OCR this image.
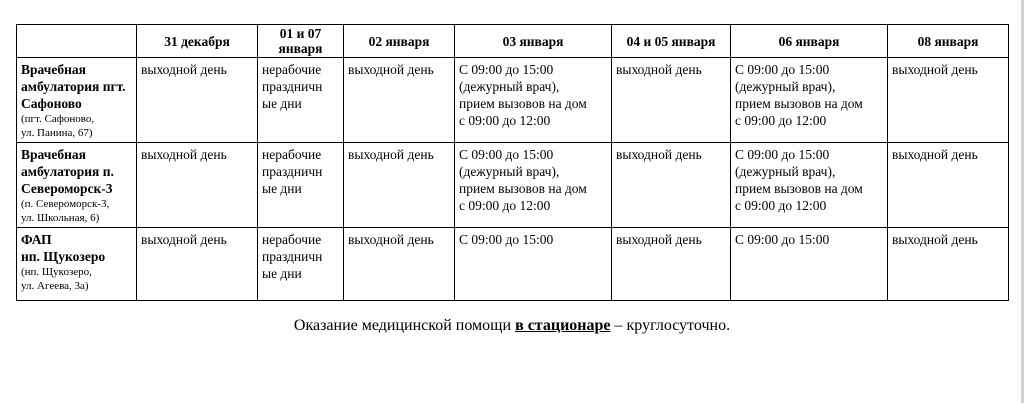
	31 декабря	01 и 07 января	02 января	03 января	04 и 05 января	06 января	08 января

Врачебная амбулатория пгт. Сафоново
(пгт. Сафоново,
ул. Панина, 67)	выходной день	нерабочие
праздничн
ые дни	выходной день	С 09:00 до 15:00
(дежурный врач),
прием вызовов на дом
с 09:00 до 12:00	выходной день	С 09:00 до 15:00
(дежурный врач),
прием вызовов на дом
с 09:00 до 12:00	выходной день

Врачебная амбулатория п. Североморск-3
(п. Североморск-3,
ул. Школьная, 6)	выходной день	нерабочие
праздничн
ые дни	выходной день	С 09:00 до 15:00
(дежурный врач),
прием вызовов на дом
с 09:00 до 12:00	выходной день	С 09:00 до 15:00
(дежурный врач),
прием вызовов на дом
с 09:00 до 12:00	выходной день

ФАП
нп. Щукозеро
(нп. Щукозеро,
ул. Агеева, 3а)	выходной день	нерабочие
праздничн
ые дни	выходной день	С 09:00 до 15:00	выходной день	С 09:00 до 15:00	выходной день

Оказание медицинской помощи в стационаре – круглосуточно.
